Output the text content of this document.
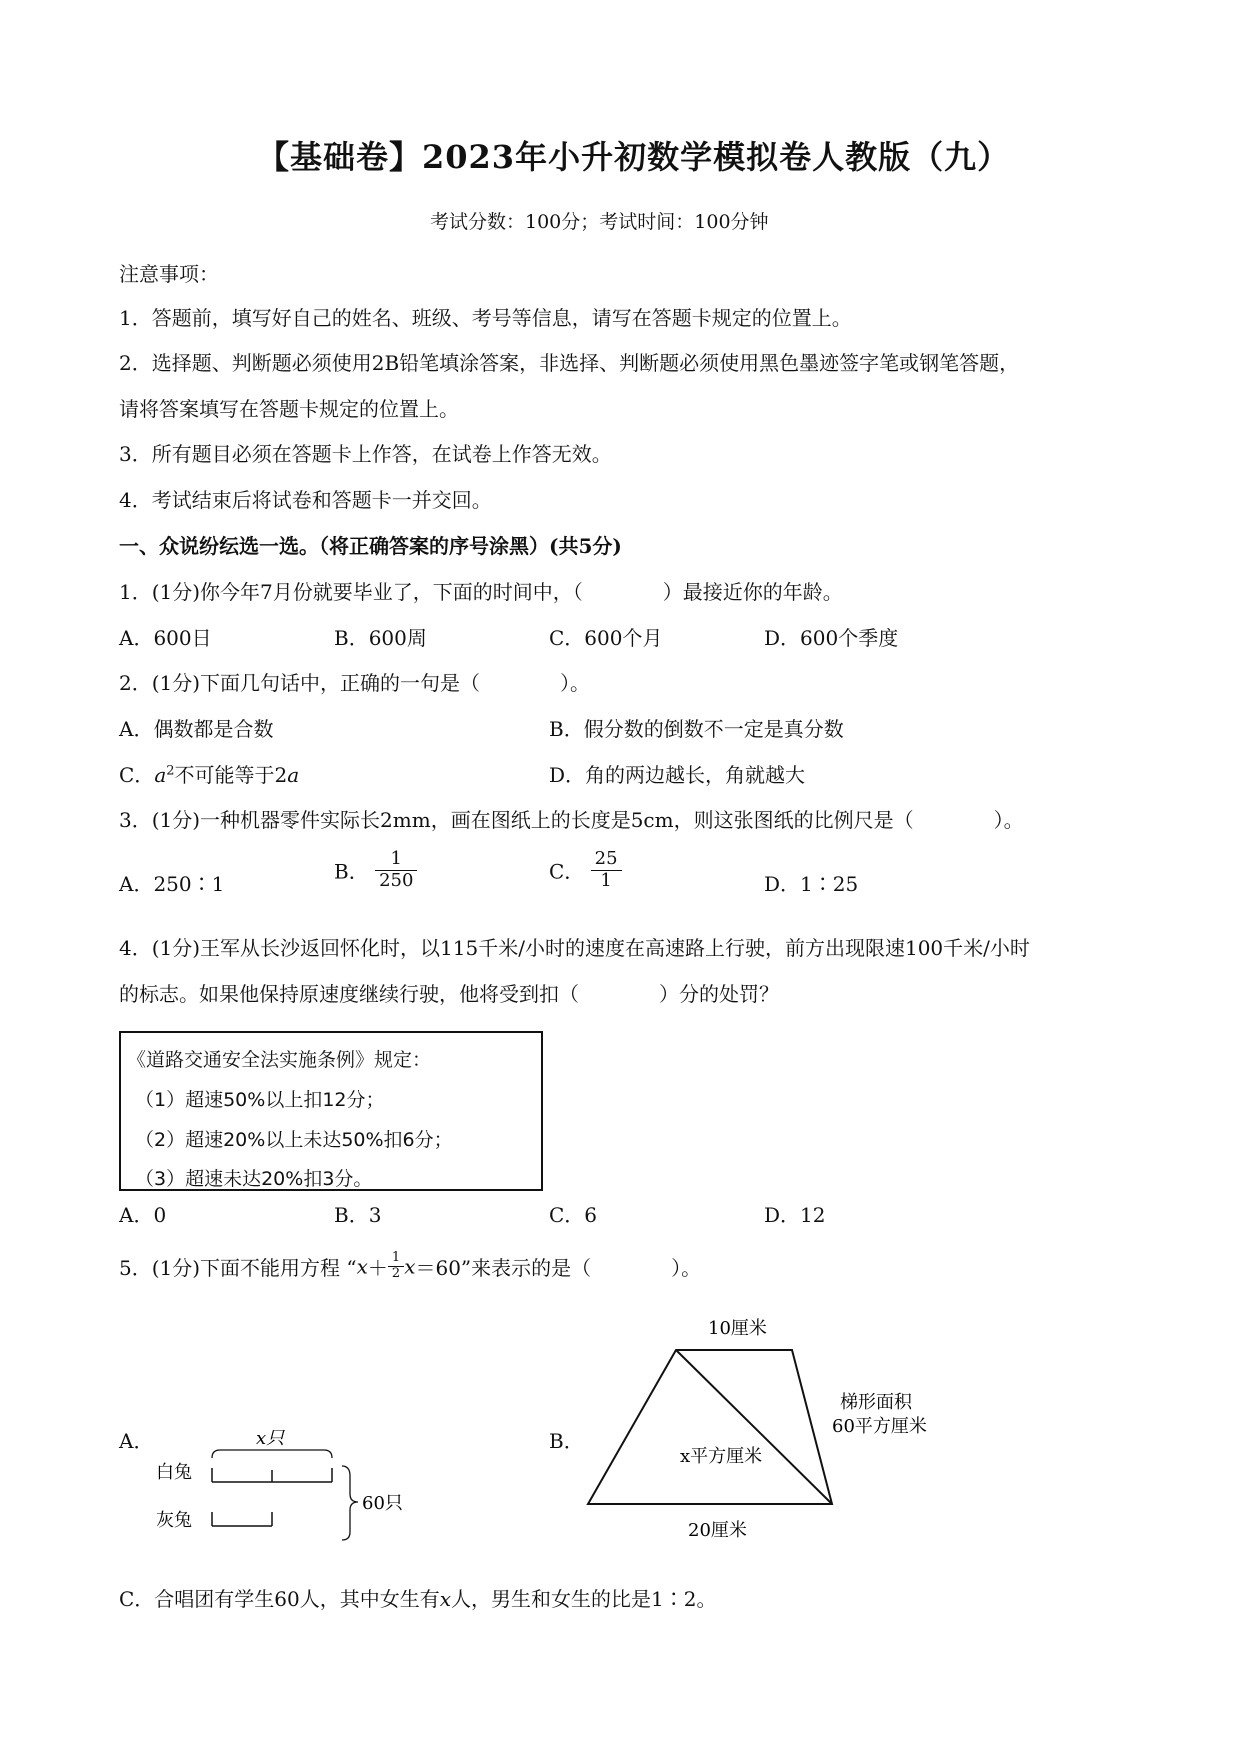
【基础卷】2023年小升初数学模拟卷人教版（九）
考试分数：100分；考试时间：100分钟
注意事项：
1．答题前，填写好自己的姓名、班级、考号等信息，请写在答题卡规定的位置上。
2．选择题、判断题必须使用2B铅笔填涂答案，非选择、判断题必须使用黑色墨迹签字笔或钢笔答题，
请将答案填写在答题卡规定的位置上。
3．所有题目必须在答题卡上作答，在试卷上作答无效。
4．考试结束后将试卷和答题卡一并交回。
一、众说纷纭选一选。（将正确答案的序号涂黑）(共5分)
1．(1分)你今年7月份就要毕业了，下面的时间中，（　　　　）最接近你的年龄。
A．600日	B．600周	C．600个月	D．600个季度
2．(1分)下面几句话中，正确的一句是（　　　　）。
A．偶数都是合数	B．假分数的倒数不一定是真分数
C．$a^2$不可能等于2a	D．角的两边越长，角就越大
3．(1分)一种机器零件实际长2mm，画在图纸上的长度是5cm，则这张图纸的比例尺是（　　　　）。
A．250∶1
B． $\frac{1}{250}$	C． $\frac{25}{1}$	D．1∶25
4．(1分)王军从长沙返回怀化时，以115千米/小时的速度在高速路上行驶，前方出现限速100千米/小时
的标志。如果他保持原速度继续行驶，他将受到扣（　　　　）分的处罚？
《道路交通安全法实施条例》规定：
（1）超速50%以上扣12分；
（2）超速20%以上未达50%扣6分；
（3）超速未达20%扣3分。
A．0	B．3	C．6	D．12
5．(1分)下面不能用方程 “$x+ \frac{1}{2} x=60$”来表示的是（　　　　）。
A．	x只
白兔
灰兔
60只
B．
10厘米
x平方厘米
梯形面积
60平方厘米
20厘米
C．合唱团有学生60人，其中女生有x人，男生和女生的比是1∶2。
